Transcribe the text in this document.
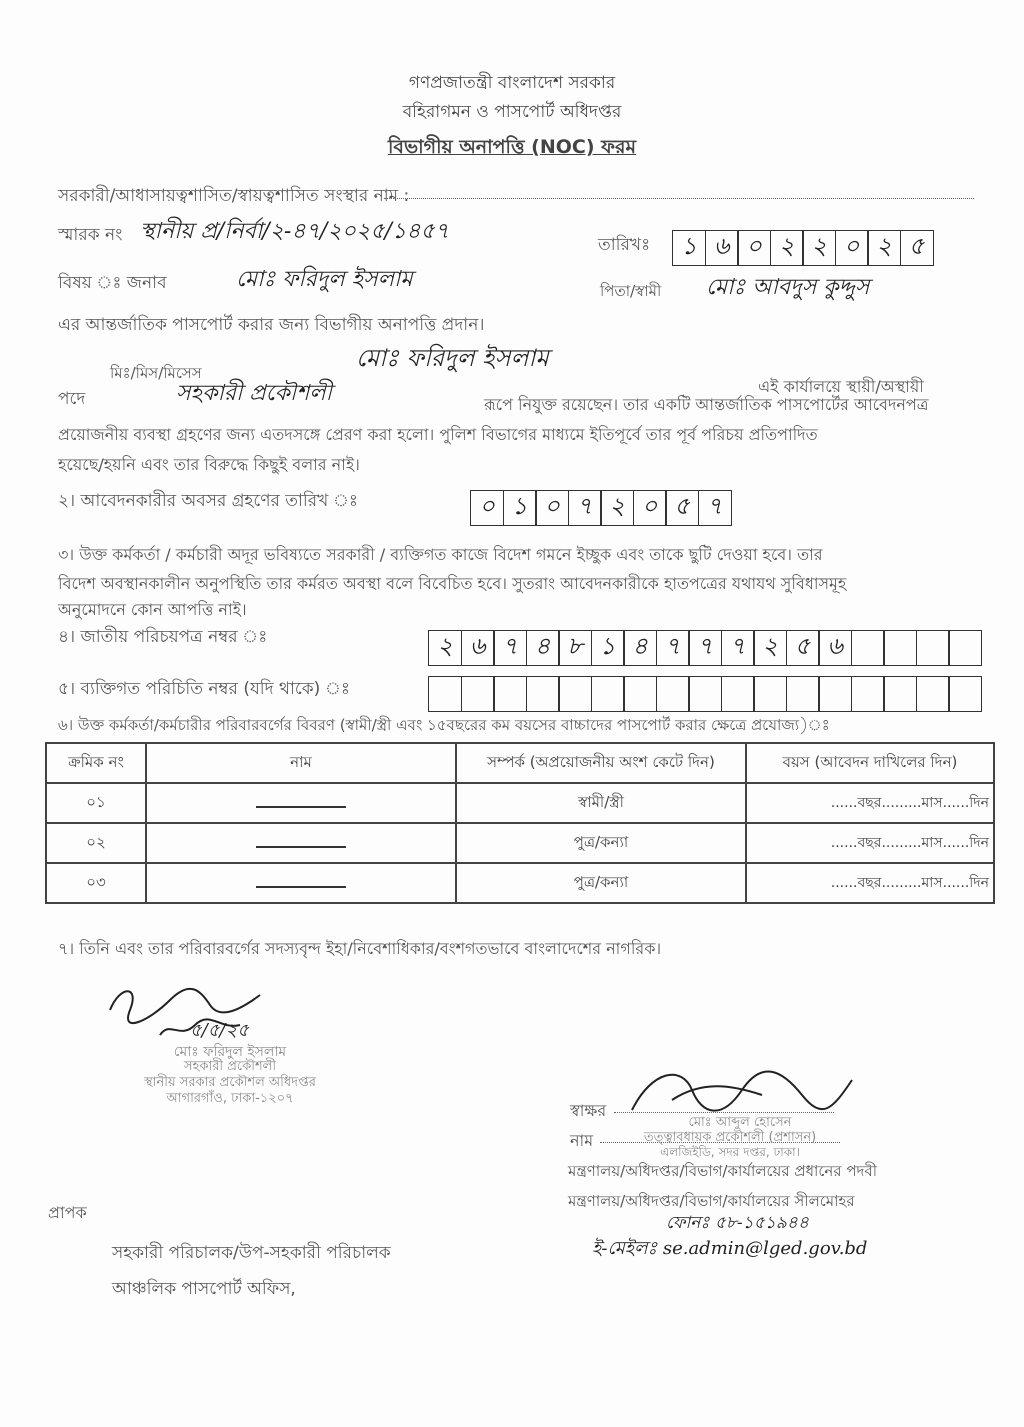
গণপ্রজাতন্ত্রী বাংলাদেশ সরকার
বহিরাগমন ও পাসপোর্ট অধিদপ্তর
বিভাগীয় অনাপত্তি (NOC) ফরম
সরকারী/আধাসায়ত্বশাসিত/স্বায়ত্বশাসিত সংস্থার নাম :
স্মারক নং স্থানীয় প্র/নির্বা/২-৪৭/২০২৫/১৪৫৭
তারিখঃ	১ ৬ ০ ২ ২ ০ ২ ৫
বিষয় ঃ জনাব	মোঃ ফরিদুল ইসলাম	পিতা/স্বামী মোঃ আবদুস কুদ্দুস
এর আন্তর্জাতিক পাসপোর্ট করার জন্য বিভাগীয় অনাপত্তি প্রদান।
মিঃ/মিস/মিসেস
মোঃ ফরিদুল ইসলাম
এই কার্যালয়ে স্থায়ী/অস্থায়ী
পদে	সহকারী প্রকৌশলী	রূপে নিযুক্ত রয়েছেন। তার একটি আন্তর্জাতিক পাসপোর্টের আবেদনপত্র
প্রয়োজনীয় ব্যবস্থা গ্রহণের জন্য এতদসঙ্গে প্রেরণ করা হলো। পুলিশ বিভাগের মাধ্যমে ইতিপূর্বে তার পূর্ব পরিচয় প্রতিপাদিত
হয়েছে/হয়নি এবং তার বিরুদ্ধে কিছুই বলার নাই।
২। আবেদনকারীর অবসর গ্রহণের তারিখ ঃ	০ ১ ০ ৭ ২ ০ ৫ ৭
৩। উক্ত কর্মকর্তা / কর্মচারী অদূর ভবিষ্যতে সরকারী / ব্যক্তিগত কাজে বিদেশ গমনে ইচ্ছুক এবং তাকে ছুটি দেওয়া হবে। তার
বিদেশ অবস্থানকালীন অনুপস্থিতি তার কর্মরত অবস্থা বলে বিবেচিত হবে। সুতরাং আবেদনকারীকে হাতপত্রের যথাযথ সুবিধাসমূহ
অনুমোদনে কোন আপত্তি নাই।
৪। জাতীয় পরিচয়পত্র নম্বর ঃ	২ ৬ ৭ ৪ ৮ ১ ৪ ৭ ৭ ৭ ২ ৫ ৬
৫। ব্যক্তিগত পরিচিতি নম্বর (যদি থাকে) ঃ
৬। উক্ত কর্মকর্তা/কর্মচারীর পরিবারবর্গের বিবরণ (স্বামী/স্ত্রী এবং ১৫বছরের কম বয়সের বাচ্চাদের পাসপোর্ট করার ক্ষেত্রে প্রযোজ্য)ঃ
ক্রমিক নং	নাম	সম্পর্ক (অপ্রয়োজনীয় অংশ কেটে দিন)	বয়স (আবেদন দাখিলের দিন)
০১		স্বামী/স্ত্রী	......বছর.........মাস......দিন
০২		পুত্র/কন্যা	......বছর.........মাস......দিন
০৩		পুত্র/কন্যা	......বছর.........মাস......দিন
৭। তিনি এবং তার পরিবারবর্গের সদস্যবৃন্দ ইহা/নিবেশাধিকার/বংশগতভাবে বাংলাদেশের নাগরিক।
৫/৫/২৫
মোঃ ফরিদুল ইসলাম
সহকারী প্রকৌশলী
স্থানীয় সরকার প্রকৌশল অধিদপ্তর
আগারগাঁও, ঢাকা-১২০৭
স্বাক্ষর
মোঃ আব্দুল হোসেন
নাম	তত্ত্বাবধায়ক প্রকৌশলী (প্রশাসন)
এলজিইডি, সদর দপ্তর, ঢাকা।
মন্ত্রণালয়/অধিদপ্তর/বিভাগ/কার্যালয়ের প্রধানের পদবী
মন্ত্রণালয়/অধিদপ্তর/বিভাগ/কার্যালয়ের সীলমোহর
ফোনঃ ৫৮-১৫১৯৪৪
ই-মেইলঃ se.admin@lged.gov.bd
প্রাপক
সহকারী পরিচালক/উপ-সহকারী পরিচালক
আঞ্চলিক পাসপোর্ট অফিস,
